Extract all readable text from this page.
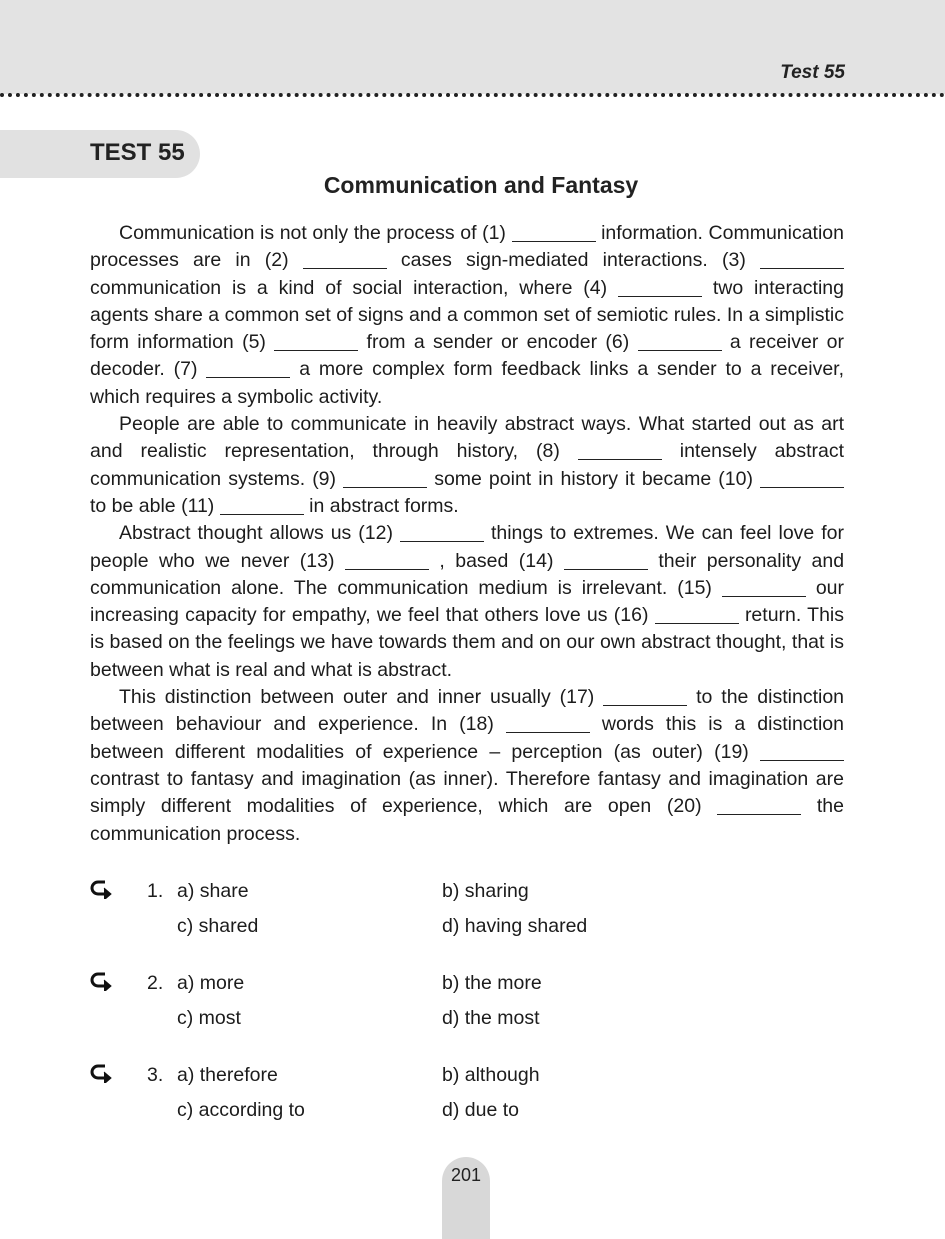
Test 55
TEST 55
Communication and Fantasy

Communication is not only the process of (1)	information. Communication processes are in (2)	cases sign-mediated interactions. (3)  communication is a kind of social interaction, where (4)	two interacting agents share a common set of signs and a common set of semiotic rules. In a simplistic form information (5)	from a sender or encoder (6)	a receiver or decoder. (7)	a more complex form feedback links a sender to a receiver, which requires a symbolic activity.

People are able to communicate in heavily abstract ways. What started out as art and realistic representation, through history, (8)	intensely abstract communication systems. (9)	some point in history it became (10)  to be able (11)	in abstract forms.

Abstract thought allows us (12)	things to extremes. We can feel love for people who we never (13)	, based (14)	their personality and communication alone. The communication medium is irrelevant. (15)	our increasing capacity for empathy, we feel that others love us (16)	return. This is based on the feelings we have towards them and on our own abstract thought, that is between what is real and what is abstract.

This distinction between outer and inner usually (17)	to the distinction between behaviour and experience. In (18)	words this is a distinction between different modalities of experience – perception (as outer) (19)  contrast to fantasy and imagination (as inner). Therefore fantasy and imagination are simply different modalities of experience, which are open (20)	the communication process.

1. a) share	b) sharing
c) shared	d) having shared
2. a) more	b) the more
c) most	d) the most
3. a) therefore	b) although
c) according to	d) due to
201
